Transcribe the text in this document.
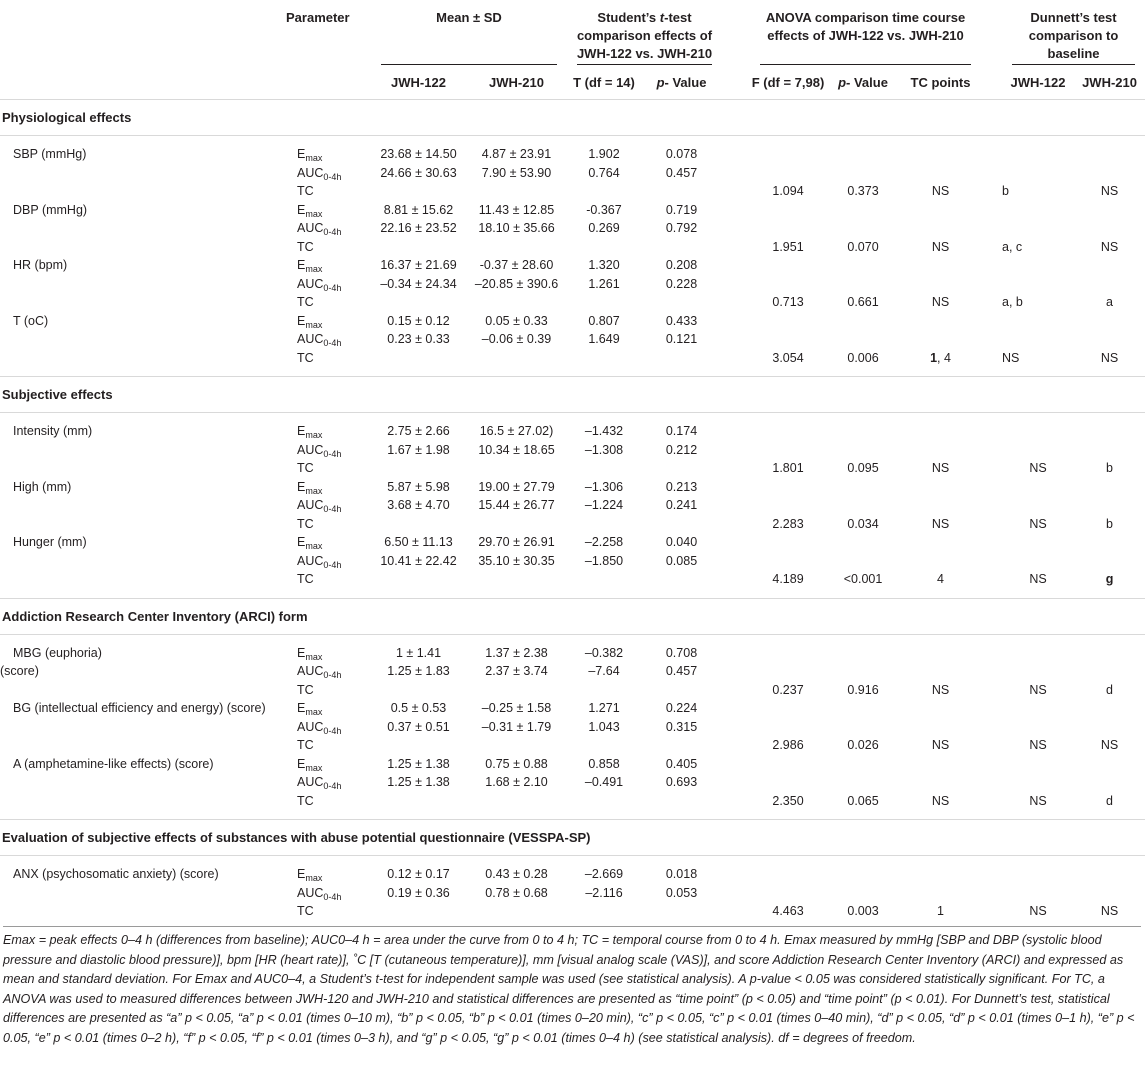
	Parameter	Mean ± SD		Student’s t-test comparison effects of JWH-122 vs. JWH-210			ANOVA comparison time course effects of JWH-122 vs. JWH-210				Dunnett’s test comparison to baseline	
		JWH-122	JWH-210	T (df = 14)	p- Value		F (df = 7,98)	p- Value	TC points		JWH-122	JWH-210

Physiological effects												

SBP (mmHg)	$E_{max}$	23.68 ± 14.50	4.87 ± 23.91	1.902	0.078							
	$AUC_{0-4h}$	24.66 ± 30.63	7.90 ± 53.90	0.764	0.457							
	TC						1.094	0.373	NS		b	NS
DBP (mmHg)	$E_{max}$	8.81 ± 15.62	11.43 ± 12.85	-0.367	0.719							
	$AUC_{0-4h}$	22.16 ± 23.52	18.10 ± 35.66	0.269	0.792							
	TC						1.951	0.070	NS		a, c	NS
HR (bpm)	$E_{max}$	16.37 ± 21.69	-0.37 ± 28.60	1.320	0.208							
	$AUC_{0-4h}$	–0.34 ± 24.34	–20.85 ± 390.6	1.261	0.228							
	TC						0.713	0.661	NS		a, b	a
T (oC)	$E_{max}$	0.15 ± 0.12	0.05 ± 0.33	0.807	0.433							
	$AUC_{0-4h}$	0.23 ± 0.33	–0.06 ± 0.39	1.649	0.121							
	TC						3.054	0.006	1, 4		NS	NS

Subjective effects												

Intensity (mm)	$E_{max}$	2.75 ± 2.66	16.5 ± 27.02)	–1.432	0.174							
	$AUC_{0-4h}$	1.67 ± 1.98	10.34 ± 18.65	–1.308	0.212							
	TC						1.801	0.095	NS		NS	b
High (mm)	$E_{max}$	5.87 ± 5.98	19.00 ± 27.79	–1.306	0.213							
	$AUC_{0-4h}$	3.68 ± 4.70	15.44 ± 26.77	–1.224	0.241							
	TC						2.283	0.034	NS		NS	b
Hunger (mm)	$E_{max}$	6.50 ± 11.13	29.70 ± 26.91	–2.258	0.040							
	$AUC_{0-4h}$	10.41 ± 22.42	35.10 ± 30.35	–1.850	0.085							
	TC						4.189	<0.001	4		NS	g

Addiction Research Center Inventory (ARCI) form												

MBG (euphoria)	$E_{max}$	1 ± 1.41	1.37 ± 2.38	–0.382	0.708							
(score)	$AUC_{0-4h}$	1.25 ± 1.83	2.37 ± 3.74	–7.64	0.457							
	TC						0.237	0.916	NS		NS	d
BG (intellectual efficiency and energy) (score)	$E_{max}$	0.5 ± 0.53	–0.25 ± 1.58	1.271	0.224							
	$AUC_{0-4h}$	0.37 ± 0.51	–0.31 ± 1.79	1.043	0.315							
	TC						2.986	0.026	NS		NS	NS
A (amphetamine-like effects) (score)	$E_{max}$	1.25 ± 1.38	0.75 ± 0.88	0.858	0.405							
	$AUC_{0-4h}$	1.25 ± 1.38	1.68 ± 2.10	–0.491	0.693							
	TC						2.350	0.065	NS		NS	d

Evaluation of subjective effects of substances with abuse potential questionnaire (VESSPA-SP)												

ANX (psychosomatic anxiety) (score)	$E_{max}$	0.12 ± 0.17	0.43 ± 0.28	–2.669	0.018							
	$AUC_{0-4h}$	0.19 ± 0.36	0.78 ± 0.68	–2.116	0.053							
	TC						4.463	0.003	1		NS	NS
Emax = peak effects 0–4 h (differences from baseline); AUC0–4 h = area under the curve from 0 to 4 h; TC = temporal course from 0 to 4 h. Emax measured by mmHg [SBP and DBP (systolic blood pressure and diastolic blood pressure)], bpm [HR (heart rate)], ˚C [T (cutaneous temperature)], mm [visual analog scale (VAS)], and score Addiction Research Center Inventory (ARCI) and expressed as mean and standard deviation. For Emax and AUC0–4, a Student’s t-test for independent sample was used (see statistical analysis). A p-value < 0.05 was considered statistically significant. For TC, a ANOVA was used to measured differences between JWH-120 and JWH-210 and statistical differences are presented as “time point” (p < 0.05) and “time point” (p < 0.01). For Dunnett’s test, statistical differences are presented as “a” p < 0.05, “a” p < 0.01 (times 0–10 m), “b” p < 0.05, “b” p < 0.01 (times 0–20 min), “c” p < 0.05, “c” p < 0.01 (times 0–40 min), “d” p < 0.05, “d” p < 0.01 (times 0–1 h), “e” p < 0.05, “e” p < 0.01 (times 0–2 h), “f” p < 0.05, “f” p < 0.01 (times 0–3 h), and “g” p < 0.05, “g” p < 0.01 (times 0–4 h) (see statistical analysis). df = degrees of freedom.
